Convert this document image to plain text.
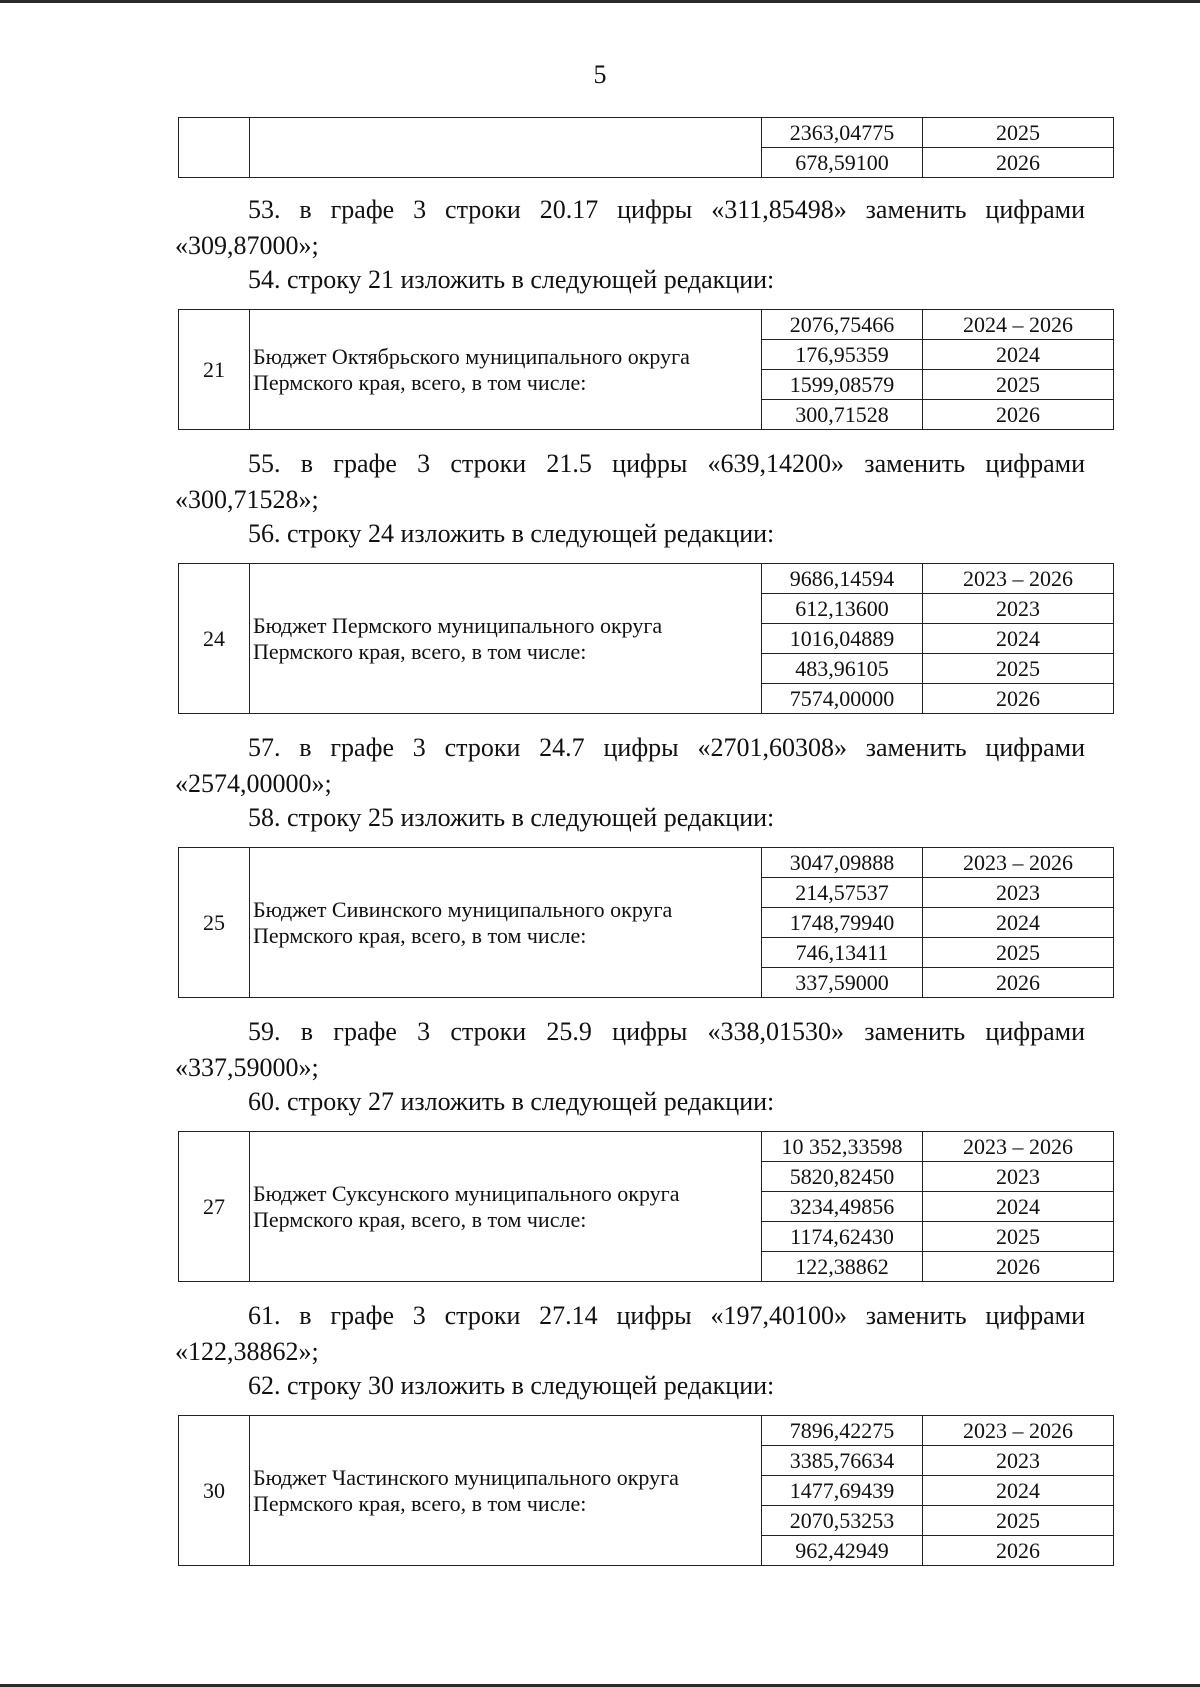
5
		2363,04775	2025
		678,59100	2026

53. в графе 3 строки 20.17 цифры «311,85498» заменить цифрами «309,87000»;

54. строку 21 изложить в следующей редакции:

21	Бюджет Октябрьского муниципального округа
Пермского края, всего, в том числе:	2076,75466	2024 – 2026
		176,95359	2024
		1599,08579	2025
		300,71528	2026

55. в графе 3 строки 21.5 цифры «639,14200» заменить цифрами «300,71528»;

56. строку 24 изложить в следующей редакции:

24	Бюджет Пермского муниципального округа
Пермского края, всего, в том числе:	9686,14594	2023 – 2026
		612,13600	2023
		1016,04889	2024
		483,96105	2025
		7574,00000	2026

57. в графе 3 строки 24.7 цифры «2701,60308» заменить цифрами «2574,00000»;

58. строку 25 изложить в следующей редакции:

25	Бюджет Сивинского муниципального округа
Пермского края, всего, в том числе:	3047,09888	2023 – 2026
		214,57537	2023
		1748,79940	2024
		746,13411	2025
		337,59000	2026

59. в графе 3 строки 25.9 цифры «338,01530» заменить цифрами «337,59000»;

60. строку 27 изложить в следующей редакции:

27	Бюджет Суксунского муниципального округа
Пермского края, всего, в том числе:	10 352,33598	2023 – 2026
		5820,82450	2023
		3234,49856	2024
		1174,62430	2025
		122,38862	2026

61. в графе 3 строки 27.14 цифры «197,40100» заменить цифрами «122,38862»;

62. строку 30 изложить в следующей редакции:

30	Бюджет Частинского муниципального округа
Пермского края, всего, в том числе:	7896,42275	2023 – 2026
		3385,76634	2023
		1477,69439	2024
		2070,53253	2025
		962,42949	2026
